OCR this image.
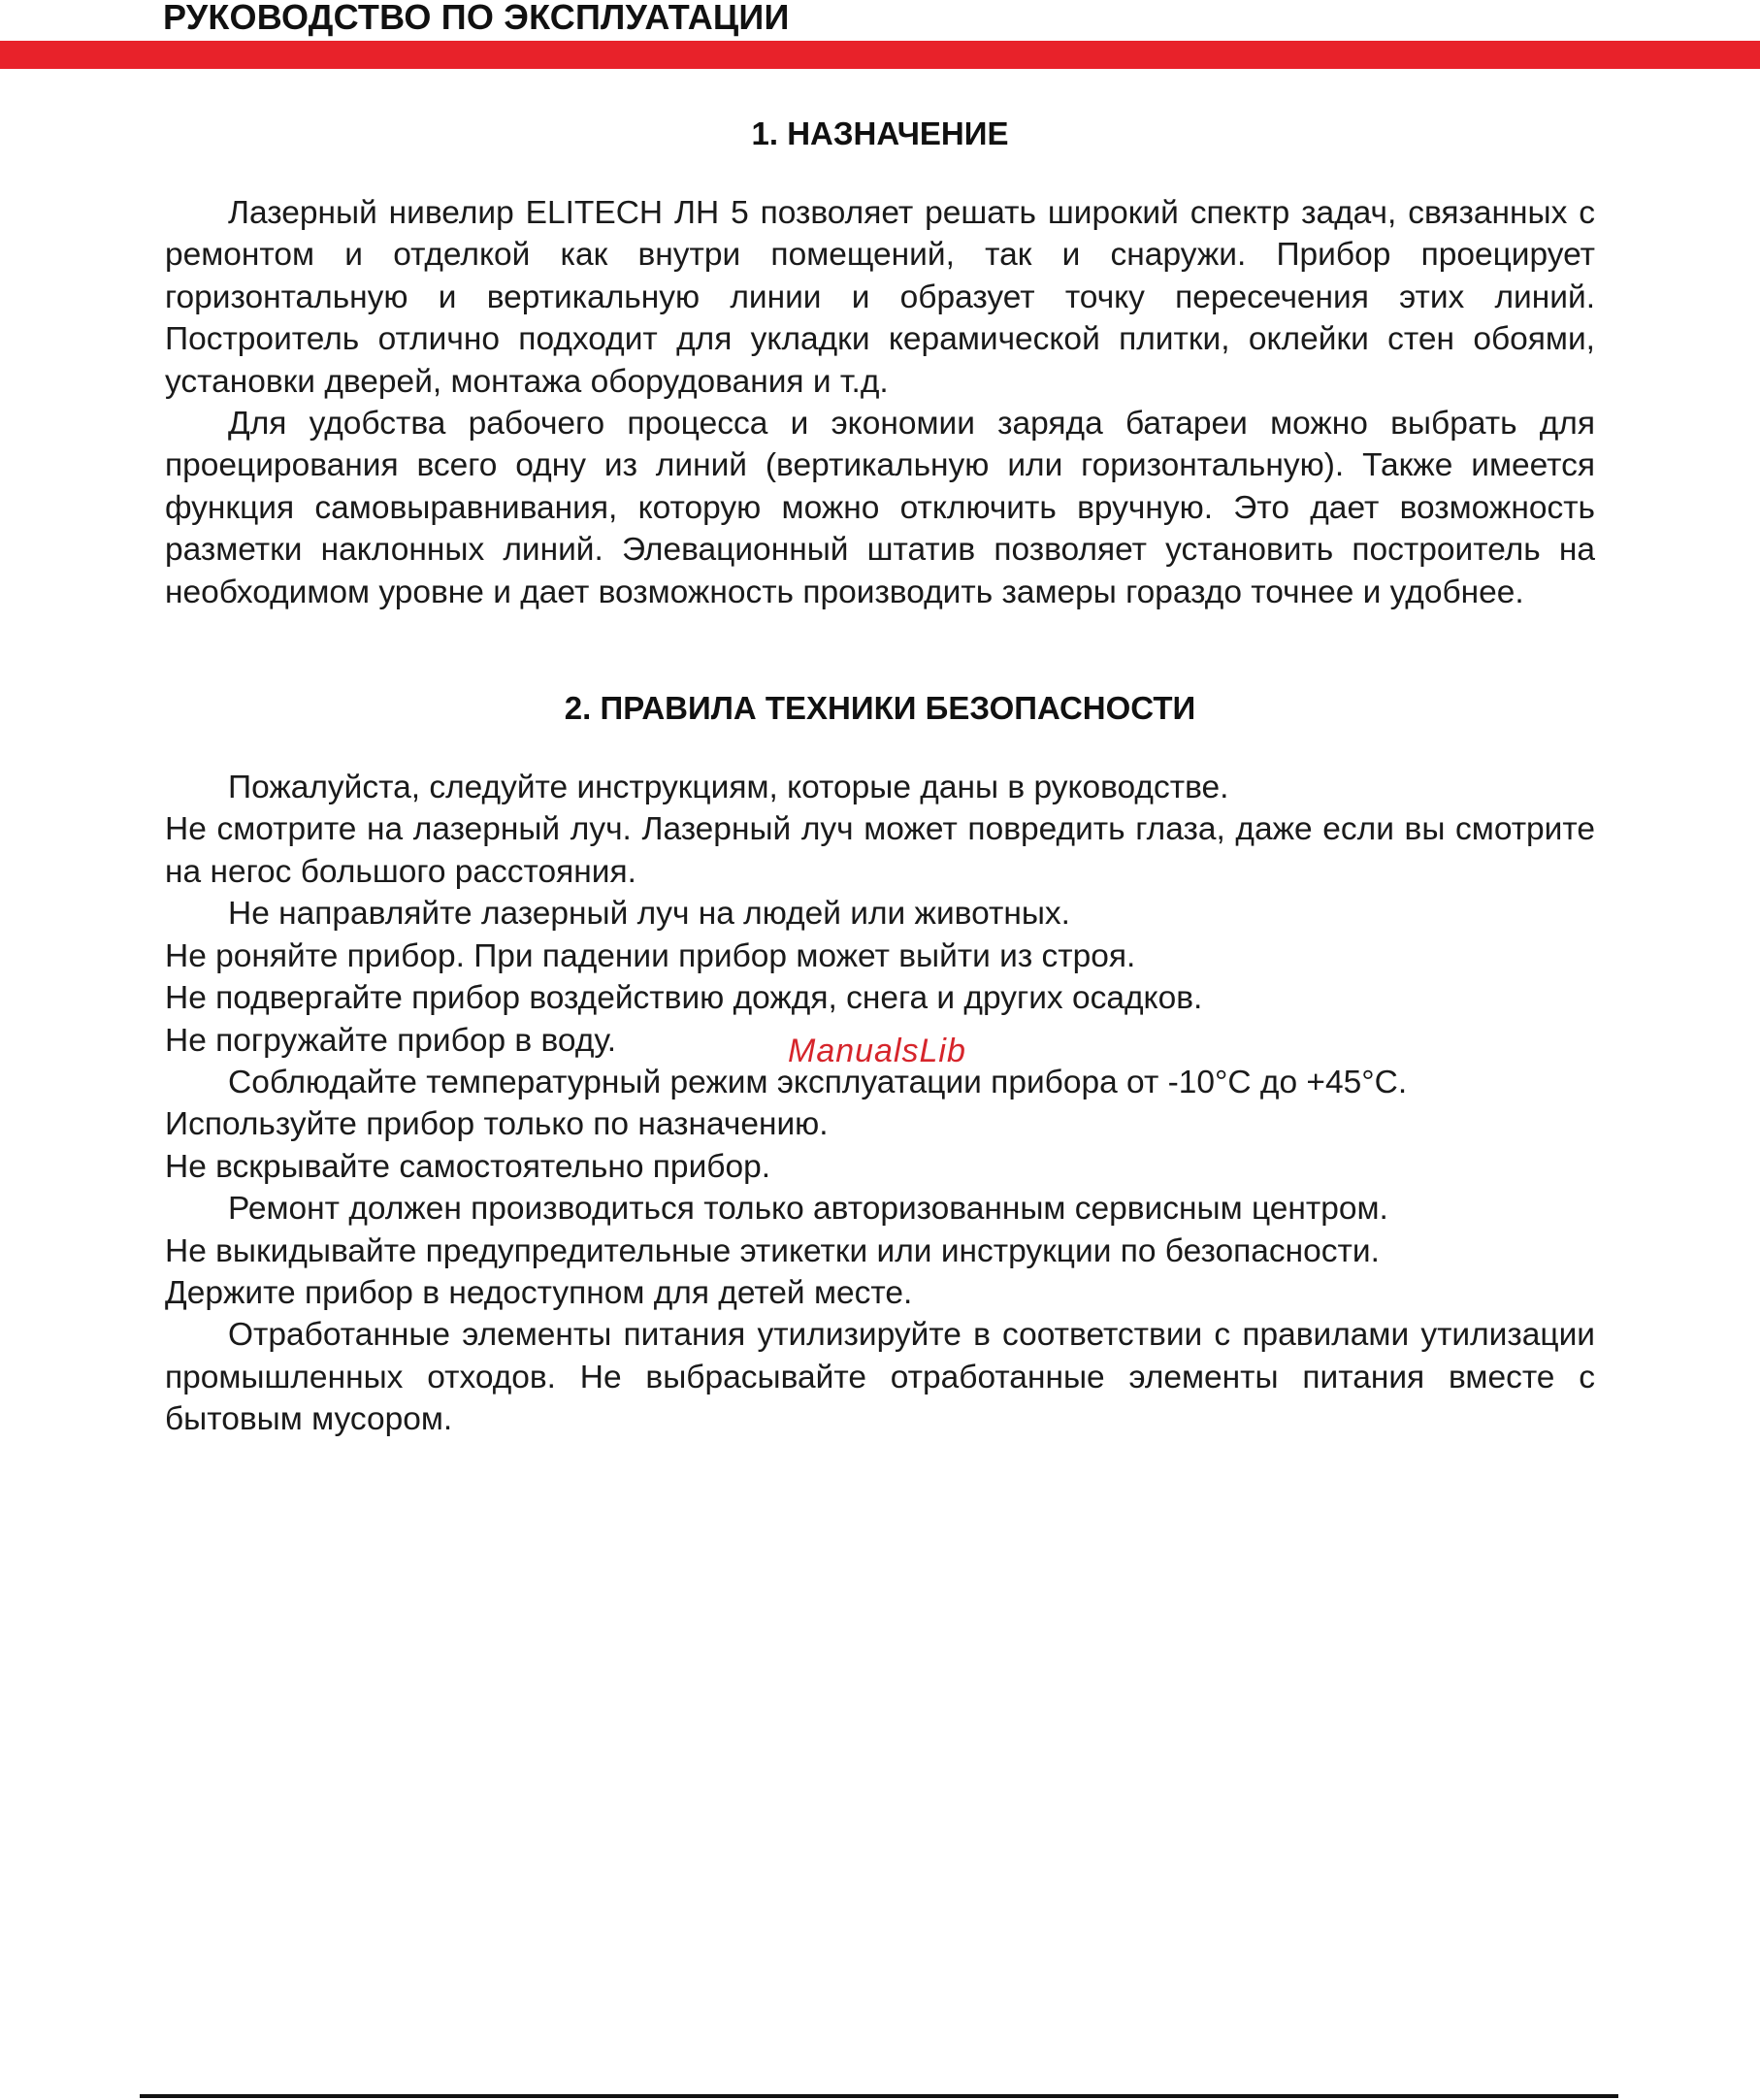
РУКОВОДСТВО ПО ЭКСПЛУАТАЦИИ
1. НАЗНАЧЕНИЕ

Лазерный нивелир ELITECH ЛН 5 позволяет решать широкий спектр задач, связанных с ремонтом и отделкой как внутри помещений, так и снаружи. Прибор проецирует горизонтальную и вертикальную линии и образует точку пересечения этих линий. Построитель отлично подходит для укладки керамической плитки, оклейки стен обоями, установки дверей, монтажа оборудования и т.д.

Для удобства рабочего процесса и экономии заряда батареи можно выбрать для проецирования всего одну из линий (вертикальную или горизонтальную). Также имеется функция самовыравнивания, которую можно отключить вручную. Это дает возможность разметки наклонных линий. Элевационный штатив позволяет установить построитель на необходимом уровне и дает возможность производить замеры гораздо точнее и удобнее.

2. ПРАВИЛА ТЕХНИКИ БЕЗОПАСНОСТИ

Пожалуйста, следуйте инструкциям, которые даны в руководстве.

Не смотрите на лазерный луч. Лазерный луч может повредить глаза, даже если вы смотрите на негос большого расстояния.

Не направляйте лазерный луч на людей или животных.

Не роняйте прибор. При падении прибор может выйти из строя.

Не подвергайте прибор воздействию дождя, снега и других осадков.

Не погружайте прибор в воду.

Соблюдайте температурный режим эксплуатации прибора от -10°С до +45°С.

Используйте прибор только по назначению.

Не вскрывайте самостоятельно прибор.

Ремонт должен производиться только авторизованным сервисным центром.

Не выкидывайте предупредительные этикетки или инструкции по безопасности.

Держите прибор в недоступном для детей месте.

Отработанные элементы питания утилизируйте в соответствии с правилами утилизации промышленных отходов. Не выбрасывайте отработанные элементы питания вместе с бытовым мусором.

ManualsLib
